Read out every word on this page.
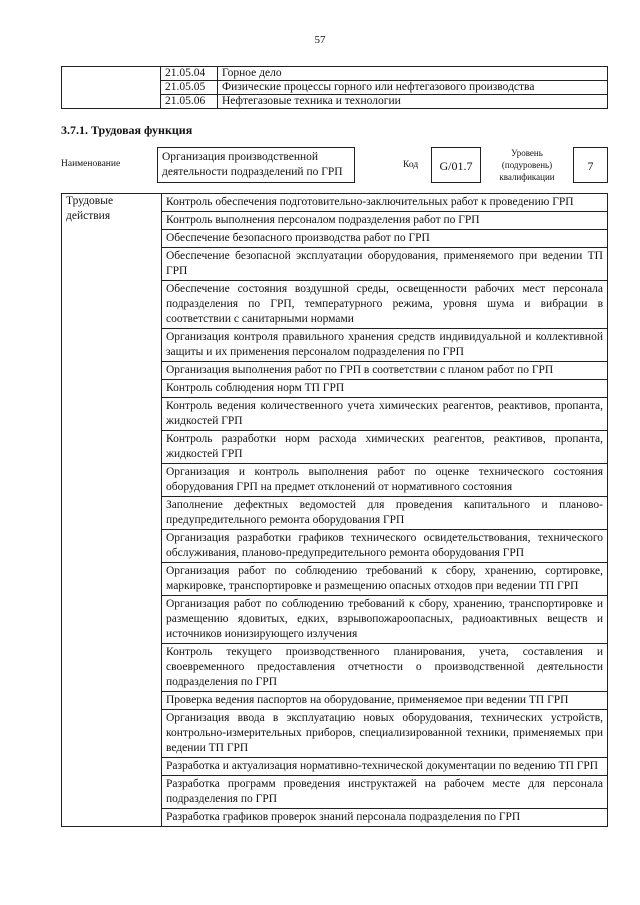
57
	21.05.04	Горное дело
	21.05.05	Физические процессы горного или нефтегазового производства
	21.05.06	Нефтегазовые техника и технологии
3.7.1. Трудовая функция
Наименование
Организация производственной деятельности подразделений по ГРП
Код	G/01.7
Уровень (подуровень) квалификации
7
Трудовые действия	Контроль обеспечения подготовительно-заключительных работ к проведению ГРП
Контроль выполнения персоналом подразделения работ по ГРП
Обеспечение безопасного производства работ по ГРП
Обеспечение безопасной эксплуатации оборудования, применяемого при ведении ТП ГРП
Обеспечение состояния воздушной среды, освещенности рабочих мест персонала подразделения по ГРП, температурного режима, уровня шума и вибрации в соответствии с санитарными нормами
Организация контроля правильного хранения средств индивидуальной и коллективной защиты и их применения персоналом подразделения по ГРП
Организация выполнения работ по ГРП в соответствии с планом работ по ГРП
Контроль соблюдения норм ТП ГРП
Контроль ведения количественного учета химических реагентов, реактивов, пропанта, жидкостей ГРП
Контроль разработки норм расхода химических реагентов, реактивов, пропанта, жидкостей ГРП
Организация и контроль выполнения работ по оценке технического состояния оборудования ГРП на предмет отклонений от нормативного состояния
Заполнение дефектных ведомостей для проведения капитального и планово-предупредительного ремонта оборудования ГРП
Организация разработки графиков технического освидетельствования, технического обслуживания, планово-предупредительного ремонта оборудования ГРП
Организация работ по соблюдению требований к сбору, хранению, сортировке, маркировке, транспортировке и размещению опасных отходов при ведении ТП ГРП
Организация работ по соблюдению требований к сбору, хранению, транспортировке и размещению ядовитых, едких, взрывопожароопасных, радиоактивных веществ и источников ионизирующего излучения
Контроль текущего производственного планирования, учета, составления и своевременного предоставления отчетности о производственной деятельности подразделения по ГРП
Проверка ведения паспортов на оборудование, применяемое при ведении ТП ГРП
Организация ввода в эксплуатацию новых оборудования, технических устройств, контрольно-измерительных приборов, специализированной техники, применяемых при ведении ТП ГРП
Разработка и актуализация нормативно-технической документации по ведению ТП ГРП
Разработка программ проведения инструктажей на рабочем месте для персонала подразделения по ГРП
Разработка графиков проверок знаний персонала подразделения по ГРП
